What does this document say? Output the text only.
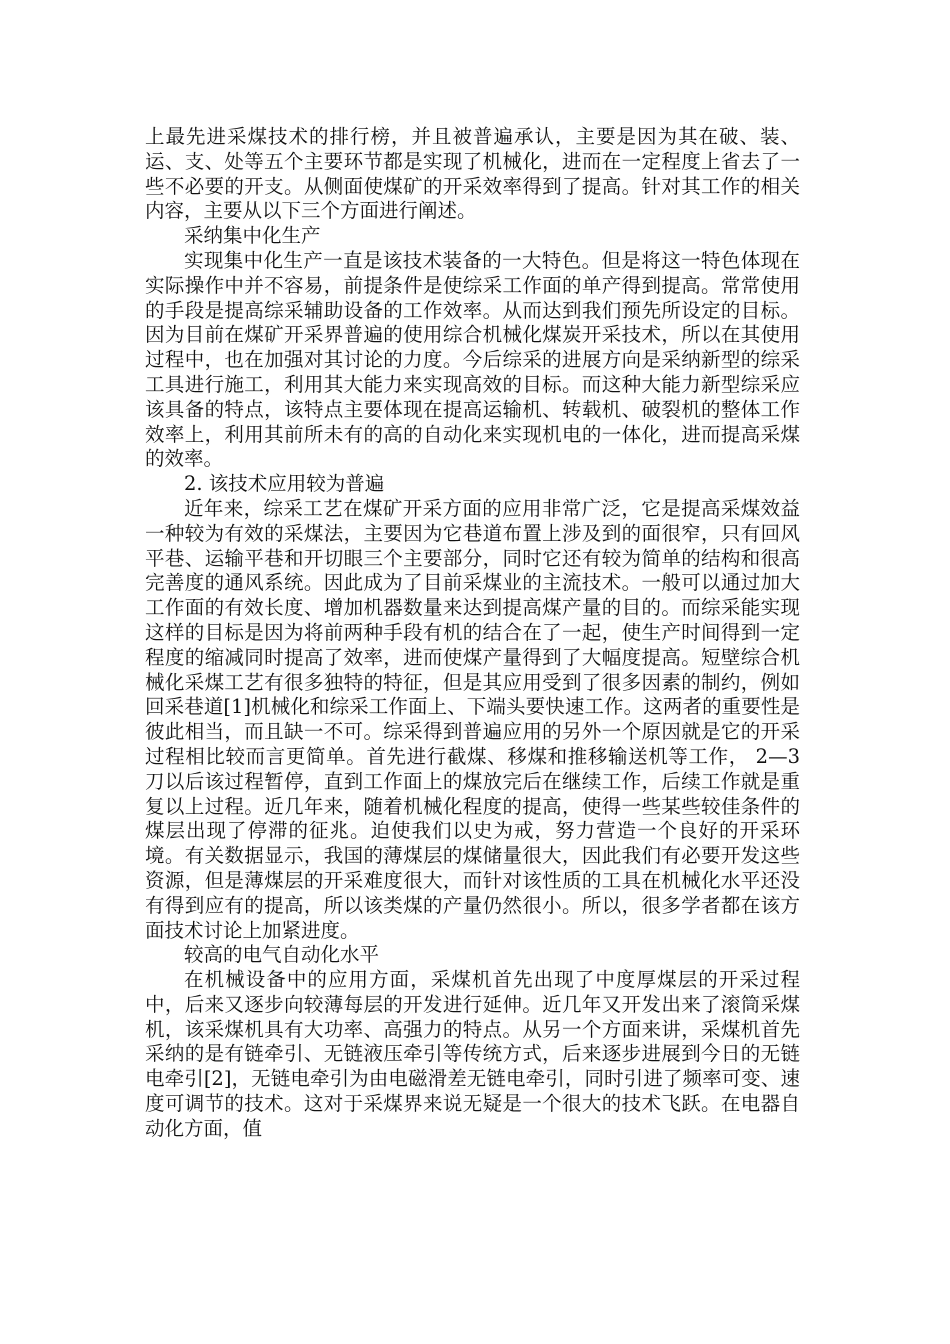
上最先进采煤技术的排行榜，并且被普遍承认，主要是因为其在破、装、运、支、处等五个主要环节都是实现了机械化，进而在一定程度上省去了一些不必要的开支。从侧面使煤矿的开采效率得到了提高。针对其工作的相关内容，主要从以下三个方面进行阐述。

采纳集中化生产

实现集中化生产一直是该技术装备的一大特色。但是将这一特色体现在实际操作中并不容易，前提条件是使综采工作面的单产得到提高。常常使用的手段是提高综采辅助设备的工作效率。从而达到我们预先所设定的目标。因为目前在煤矿开采界普遍的使用综合机械化煤炭开采技术，所以在其使用过程中，也在加强对其讨论的力度。今后综采的进展方向是采纳新型的综采工具进行施工，利用其大能力来实现高效的目标。而这种大能力新型综采应该具备的特点，该特点主要体现在提高运输机、转载机、破裂机的整体工作效率上，利用其前所未有的高的自动化来实现机电的一体化，进而提高采煤的效率。

2. 该技术应用较为普遍

近年来，综采工艺在煤矿开采方面的应用非常广泛，它是提高采煤效益一种较为有效的采煤法，主要因为它巷道布置上涉及到的面很窄，只有回风平巷、运输平巷和开切眼三个主要部分，同时它还有较为简单的结构和很高完善度的通风系统。因此成为了目前采煤业的主流技术。一般可以通过加大工作面的有效长度、增加机器数量来达到提高煤产量的目的。而综采能实现这样的目标是因为将前两种手段有机的结合在了一起，使生产时间得到一定程度的缩减同时提高了效率，进而使煤产量得到了大幅度提高。短壁综合机械化采煤工艺有很多独特的特征，但是其应用受到了很多因素的制约，例如回采巷道[1]机械化和综采工作面上、下端头要快速工作。这两者的重要性是彼此相当，而且缺一不可。综采得到普遍应用的另外一个原因就是它的开采过程相比较而言更简单。首先进行截煤、移煤和推移输送机等工作， 2—3 刀以后该过程暂停，直到工作面上的煤放完后在继续工作，后续工作就是重复以上过程。近几年来，随着机械化程度的提高，使得一些某些较佳条件的煤层出现了停滞的征兆。迫使我们以史为戒，努力营造一个良好的开采环境。有关数据显示，我国的薄煤层的煤储量很大，因此我们有必要开发这些资源，但是薄煤层的开采难度很大，而针对该性质的工具在机械化水平还没有得到应有的提高，所以该类煤的产量仍然很小。所以，很多学者都在该方面技术讨论上加紧进度。

较高的电气自动化水平

在机械设备中的应用方面，采煤机首先出现了中度厚煤层的开采过程中，后来又逐步向较薄每层的开发进行延伸。近几年又开发出来了滚筒采煤机，该采煤机具有大功率、高强力的特点。从另一个方面来讲，采煤机首先采纳的是有链牵引、无链液压牵引等传统方式，后来逐步进展到今日的无链电牵引[2]，无链电牵引为由电磁滑差无链电牵引，同时引进了频率可变、速度可调节的技术。这对于采煤界来说无疑是一个很大的技术飞跃。在电器自动化方面，值
